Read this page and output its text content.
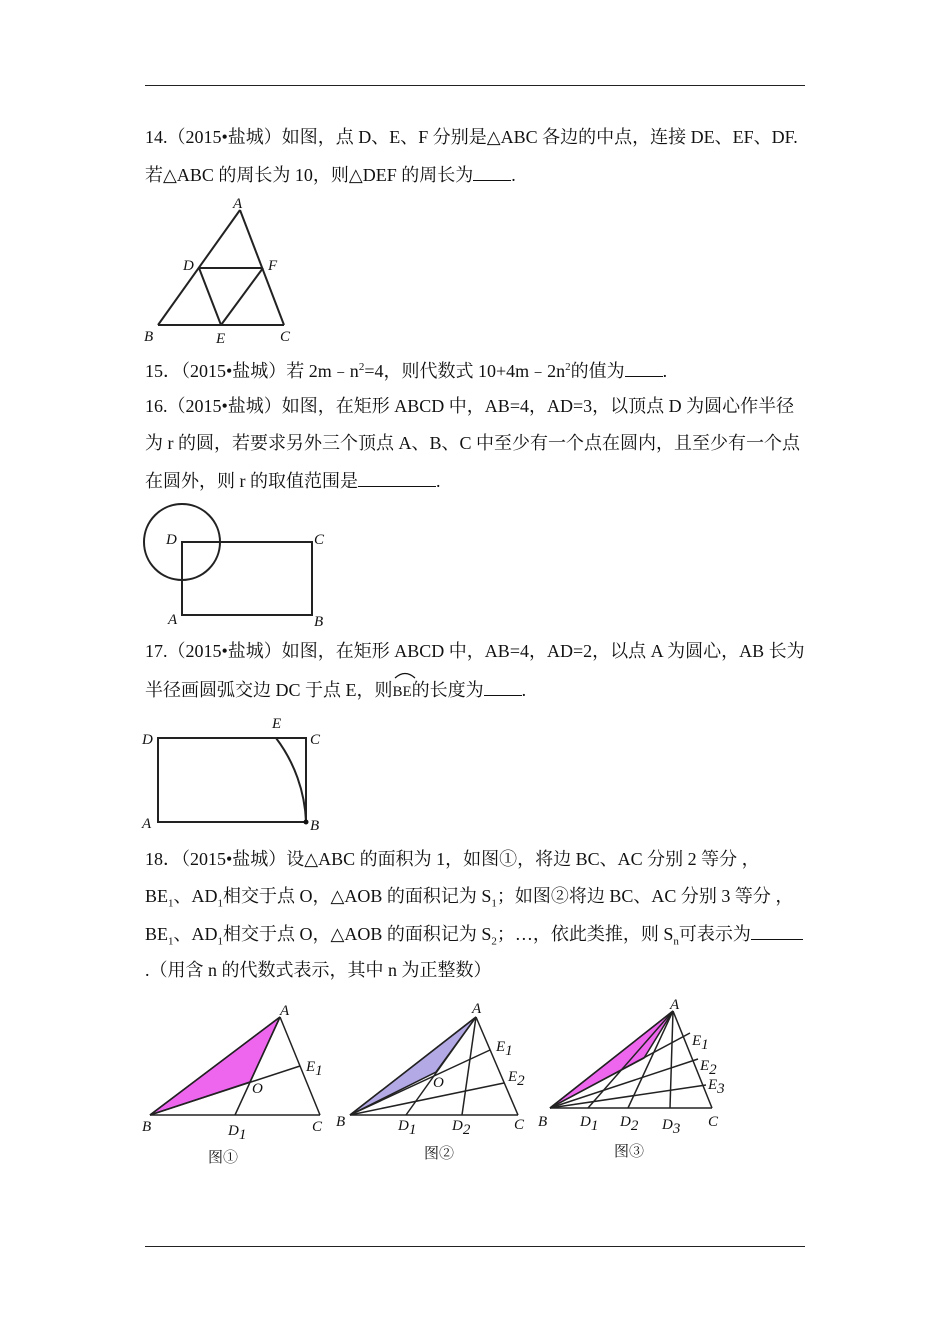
14.（2015•盐城）如图，点 D、E、F 分别是△ABC 各边的中点，连接 DE、EF、DF.
若△ABC 的周长为 10，则△DEF 的周长为 .
A
B	C
D
E
F
15．（2015•盐城）若 $2m﹣n^2=4$，则代数式 $10+4m﹣2n^2$的值为 .
16.（2015•盐城）如图，在矩形 ABCD 中，AB=4，AD=3，以顶点 D 为圆心作半径
为 r 的圆，若要求另外三个顶点 A、B、C 中至少有一个点在圆内，且至少有一个点
在圆外，则 r 的取值范围是	.
D	C
A	B
17.（2015•盐城）如图，在矩形 ABCD 中，AB=4，AD=2，以点 A 为圆心，AB 长为
半径画圆弧交边 DC 于点 E，则
BE的长度为 .
E
D	C
A	B
18．（2015•盐城）设△ABC 的面积为 1，如图①，将边 BC、AC 分别 2 等分 ，
$BE_1$、$AD_1$相交于点 O，△AOB 的面积记为 $S_1$；如图②将边 BC、AC 分别 3 等分 ，
$BE_1$、$AD_1$相交于点 O，△AOB 的面积记为 $S_2$；…，依此类推，则 $S_n$可表示为
.（用含 n 的代数式表示，其中 n 为正整数）
A
B	C
O
E1
D1
图①
A
B	C
O
E1
E2
D1 D2
图②
A
B	C
E1
E2
E3
D1 D2 D3
图③
